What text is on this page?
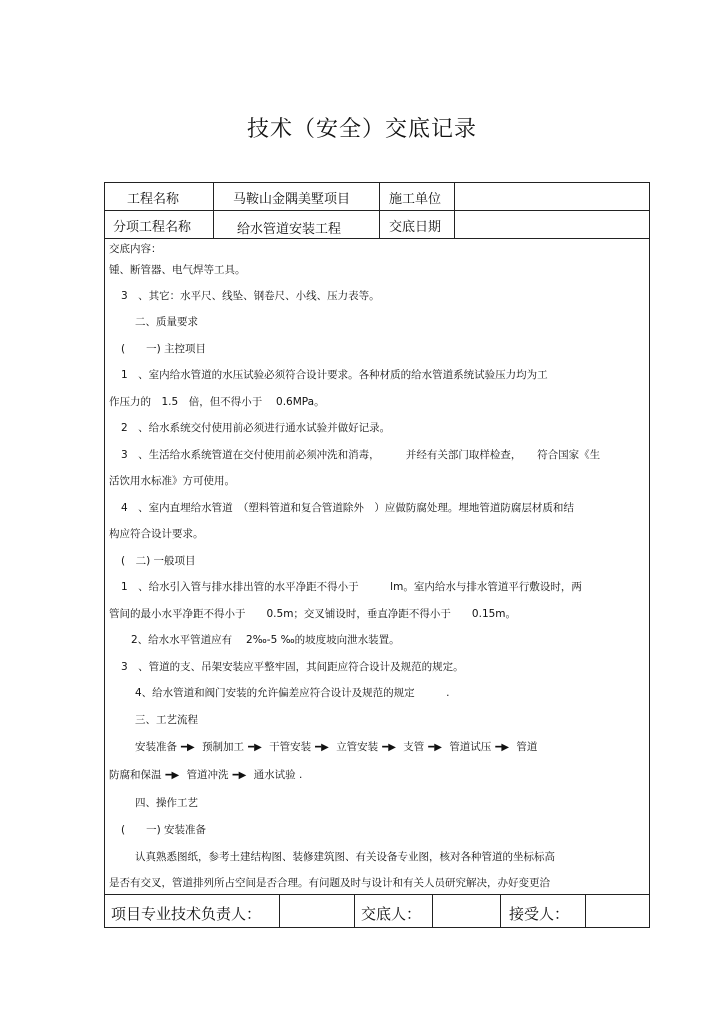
技术（安全）交底记录
工程名称	马鞍山金隅美墅项目	施工单位
分项工程名称	给水管道安装工程	交底日期
交底内容：
锺、断管器、电气焊等工具。
3　、其它：水平尺、线坠、钢卷尺、小线、压力表等。
二、质量要求
(　　一) 主控项目
1　、室内给水管道的水压试验必须符合设计要求。各种材质的给水管道系统试验压力均为工
作压力的　1.5　倍，但不得小于　 0.6MPa。
2　、给水系统交付使用前必须进行通水试验并做好记录。
3　、生活给水系统管道在交付使用前必须冲洗和消毒，　　　并经有关部门取样检查，　　符合国家《生
活饮用水标准》方可使用。
4　、室内直埋给水管道　（塑料管道和复合管道除外　）应做防腐处理。埋地管道防腐层材质和结
构应符合设计要求。
(　二) 一般项目
1　、给水引入管与排水排出管的水平净距不得小于　　　lm。室内给水与排水管道平行敷设时，两
管间的最小水平净距不得小于　　0.5m；交叉铺设时，垂直净距不得小于　　0.15m。
2、给水水平管道应有　 2‰-5 ‰的坡度坡向泄水装置。
3　、管道的支、吊架安装应平整牢固，其间距应符合设计及规范的规定。
4、给水管道和阀门安装的允许偏差应符合设计及规范的规定　　　.
三、工艺流程
安装准备 ━▶ 预制加工 ━▶ 干管安装 ━▶ 立管安装 ━▶ 支管 ━▶ 管道试压 ━▶ 管道
防腐和保温 ━▶ 管道冲洗 ━▶ 通水试验 .
四、操作工艺
(　　一) 安装准备
认真熟悉图纸，参考土建结构图、装修建筑图、有关设备专业图，核对各种管道的坐标标高
是否有交叉，管道排列所占空间是否合理。有问题及时与设计和有关人员研究解决，办好变更洽
项目专业技术负责人：	交底人：	接受人：
